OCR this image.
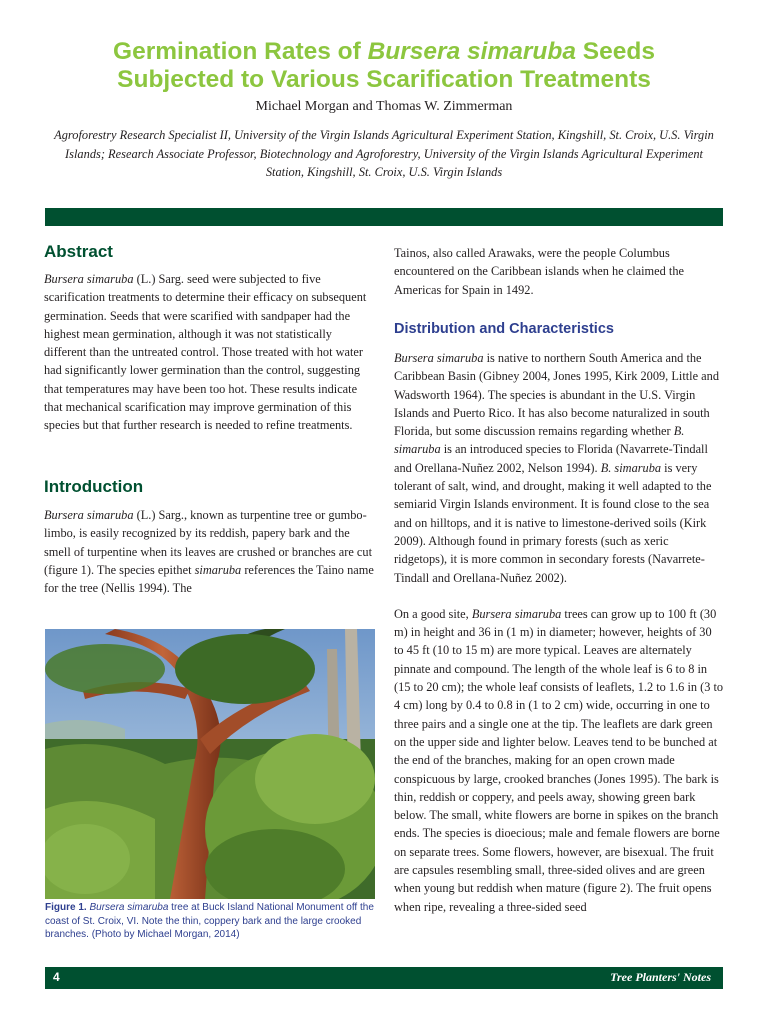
Germination Rates of Bursera simaruba Seeds
Subjected to Various Scarification Treatments
Michael Morgan and Thomas W. Zimmerman
Agroforestry Research Specialist II, University of the Virgin Islands Agricultural Experiment Station, Kingshill, St. Croix, U.S. Virgin Islands; Research Associate Professor, Biotechnology and Agroforestry, University of the Virgin Islands Agricultural Experiment Station, Kingshill, St. Croix, U.S. Virgin Islands
Abstract

Bursera simaruba (L.) Sarg. seed were subjected to five scarification treatments to determine their efficacy on subsequent germination. Seeds that were scarified with sandpaper had the highest mean germination, although it was not statistically different than the untreated control. Those treated with hot water had significantly lower germination than the control, suggesting that temperatures may have been too hot. These results indicate that mechanical scarification may improve germination of this species but that further research is needed to refine treatments.

Introduction

Bursera simaruba (L.) Sarg., known as turpentine tree or gumbo-limbo, is easily recognized by its reddish, papery bark and the smell of turpentine when its leaves are crushed or branches are cut (figure 1). The species epithet simaruba references the Taino name for the tree (Nellis 1994). The

Figure 1. Bursera simaruba tree at Buck Island National Monument off the coast of St. Croix, VI. Note the thin, coppery bark and the large crooked branches. (Photo by Michael Morgan, 2014)

Tainos, also called Arawaks, were the people Columbus encountered on the Caribbean islands when he claimed the Americas for Spain in 1492.

Distribution and Characteristics

Bursera simaruba is native to northern South America and the Caribbean Basin (Gibney 2004, Jones 1995, Kirk 2009, Little and Wadsworth 1964). The species is abundant in the U.S. Virgin Islands and Puerto Rico. It has also become naturalized in south Florida, but some discussion remains regarding whether B. simaruba is an introduced species to Florida (Navarrete-Tindall and Orellana-Nuñez 2002, Nelson 1994). B. simaruba is very tolerant of salt, wind, and drought, making it well adapted to the semiarid Virgin Islands environment. It is found close to the sea and on hilltops, and it is native to limestone-derived soils (Kirk 2009). Although found in primary forests (such as xeric ridgetops), it is more common in secondary forests (Navarrete-Tindall and Orellana-Nuñez 2002).

On a good site, Bursera simaruba trees can grow up to 100 ft (30 m) in height and 36 in (1 m) in diameter; however, heights of 30 to 45 ft (10 to 15 m) are more typical. Leaves are alternately pinnate and compound. The length of the whole leaf is 6 to 8 in (15 to 20 cm); the whole leaf consists of leaflets, 1.2 to 1.6 in (3 to 4 cm) long by 0.4 to 0.8 in (1 to 2 cm) wide, occurring in one to three pairs and a single one at the tip. The leaflets are dark green on the upper side and lighter below. Leaves tend to be bunched at the end of the branches, making for an open crown made conspicuous by large, crooked branches (Jones 1995). The bark is thin, reddish or coppery, and peels away, showing green bark below. The small, white flowers are borne in spikes on the branch ends. The species is dioecious; male and female flowers are borne on separate trees. Some flowers, however, are bisexual. The fruit are capsules resembling small, three-sided olives and are green when young but reddish when mature (figure 2). The fruit opens when ripe, revealing a three-sided seed

4	Tree Planters' Notes
